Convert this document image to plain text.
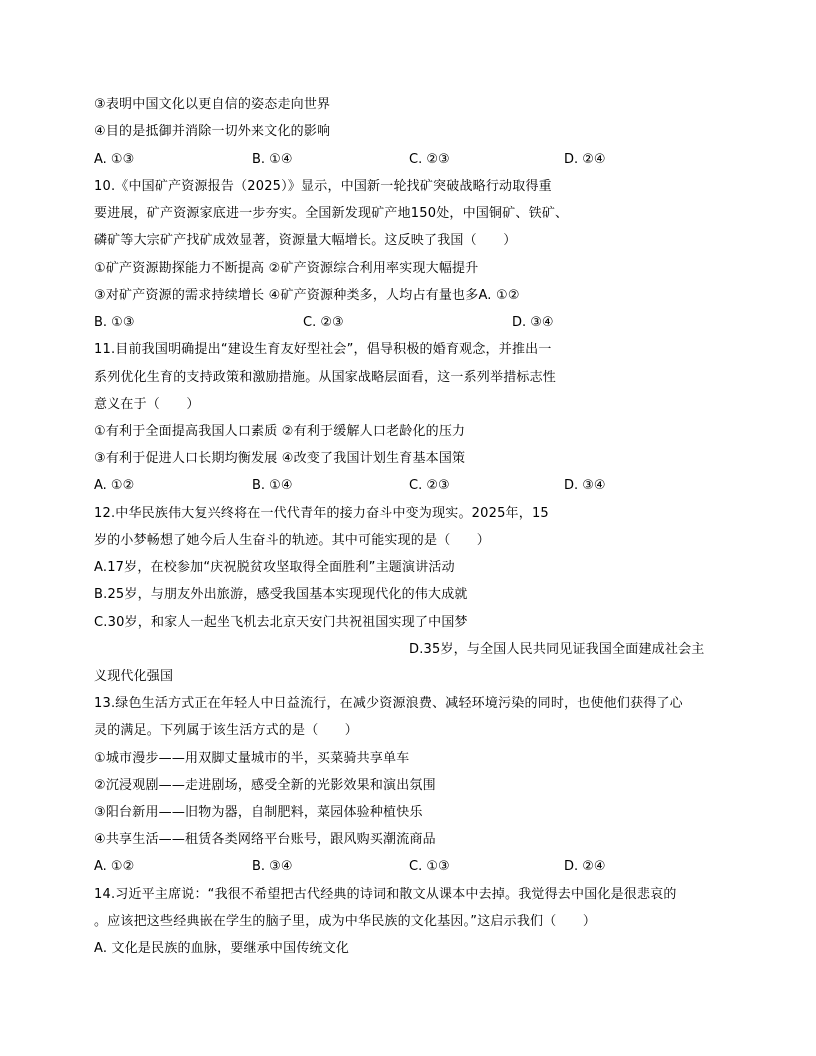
③表明中国文化以更自信的姿态走向世界
④目的是抵御并消除一切外来文化的影响
A. ①③	B. ①④	C. ②③	D. ②④
10.《中国矿产资源报告（2025）》显示，中国新一轮找矿突破战略行动取得重
要进展，矿产资源家底进一步夯实。全国新发现矿产地150处，中国铜矿、铁矿、
磷矿等大宗矿产找矿成效显著，资源量大幅增长。这反映了我国（　　）
①矿产资源勘探能力不断提高 ②矿产资源综合利用率实现大幅提升
③对矿产资源的需求持续增长 ④矿产资源种类多，人均占有量也多A. ①②
B. ①③	C. ②③	D. ③④
11.目前我国明确提出“建设生育友好型社会”，倡导积极的婚育观念，并推出一
系列优化生育的支持政策和激励措施。从国家战略层面看，这一系列举措标志性
意义在于（　　）
①有利于全面提高我国人口素质 ②有利于缓解人口老龄化的压力
③有利于促进人口长期均衡发展 ④改变了我国计划生育基本国策
A. ①②	B. ①④	C. ②③	D. ③④
12.中华民族伟大复兴终将在一代代青年的接力奋斗中变为现实。2025年，15
岁的小梦畅想了她今后人生奋斗的轨迹。其中可能实现的是（　　）
A.17岁，在校参加“庆祝脱贫攻坚取得全面胜利”主题演讲活动
B.25岁，与朋友外出旅游，感受我国基本实现现代化的伟大成就
C.30岁，和家人一起坐飞机去北京天安门共祝祖国实现了中国梦
D.35岁，与全国人民共同见证我国全面建成社会主
义现代化强国
13.绿色生活方式正在年轻人中日益流行，在减少资源浪费、减轻环境污染的同时，也使他们获得了心
灵的满足。下列属于该生活方式的是（　　）
①城市漫步——用双脚丈量城市的半，买菜骑共享单车
②沉浸观剧——走进剧场，感受全新的光影效果和演出氛围
③阳台新用——旧物为器，自制肥料，菜园体验种植快乐
④共享生活——租赁各类网络平台账号，跟风购买潮流商品
A. ①②	B. ③④	C. ①③	D. ②④
14.习近平主席说：“我很不希望把古代经典的诗词和散文从课本中去掉。我觉得去中国化是很悲哀的
。应该把这些经典嵌在学生的脑子里，成为中华民族的文化基因。”这启示我们（　　）
A. 文化是民族的血脉，要继承中国传统文化
